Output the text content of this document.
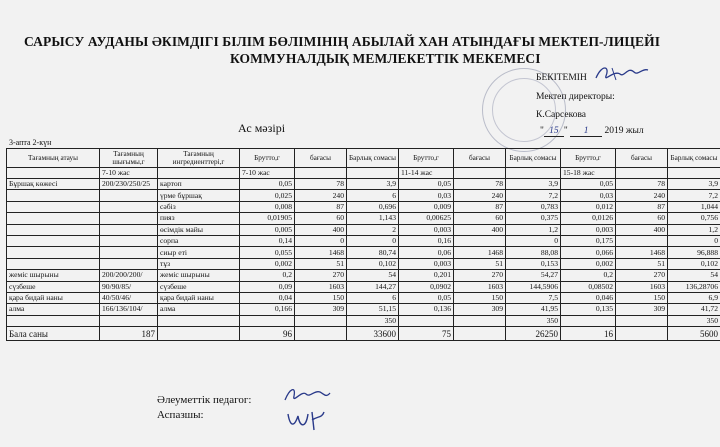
САРЫСУ АУДАНЫ ӘКІМДІГІ БІЛІМ БӨЛІМІНІҢ АБЫЛАЙ ХАН АТЫНДАҒЫ МЕКТЕП-ЛИЦЕЙІ
КОММУНАЛДЫҚ МЕМЛЕКЕТТІК МЕКЕМЕСІ
БЕКІТЕМІН
Мектеп директоры:
К.Сарсекова
" 15 " 1 2019 жыл
Ас мәзірі
3-апта 2-күн
Тағамның атауы	Тағамның шығымы,г	Тағамның ингредиенттері,г	Брутто,г	бағасы	Барлық сомасы	Брутто,г	бағасы	Барлық сомасы	Брутто,г	бағасы	Барлық сомасы
	7-10 жас		7-10 жас			11-14 жас			15-18 жас		
Бұршақ көжесі	200/230/250/25	картоп	0,05	78	3,9	0,05	78	3,9	0,05	78	3,9
		үрме бұршақ	0,025	240	6	0,03	240	7,2	0,03	240	7,2
		сәбіз	0,008	87	0,696	0,009	87	0,783	0,012	87	1,044
		пияз	0,01905	60	1,143	0,00625	60	0,375	0,0126	60	0,756
		өсімдік майы	0,005	400	2	0,003	400	1,2	0,003	400	1,2
		сорпа	0,14	0	0	0,16		0	0,175		0
		сиыр еті	0,055	1468	80,74	0,06	1468	88,08	0,066	1468	96,888
		тұз	0,002	51	0,102	0,003	51	0,153	0,002	51	0,102
жеміс шырыны	200/200/200/	жеміс шырыны	0,2	270	54	0,201	270	54,27	0,2	270	54
сүзбеше	90/90/85/	сүзбеше	0,09	1603	144,27	0,0902	1603	144,5906	0,08502	1603	136,28706
қара бидай наны	40/50/46/	қара бидай наны	0,04	150	6	0,05	150	7,5	0,046	150	6,9
алма	166/136/104/	алма	0,166	309	51,15	0,136	309	41,95	0,135	309	41,72
					350			350			350
Бала саны	187		96		33600	75		26250	16		5600
Әлеуметтік педагог:
Аспазшы:
